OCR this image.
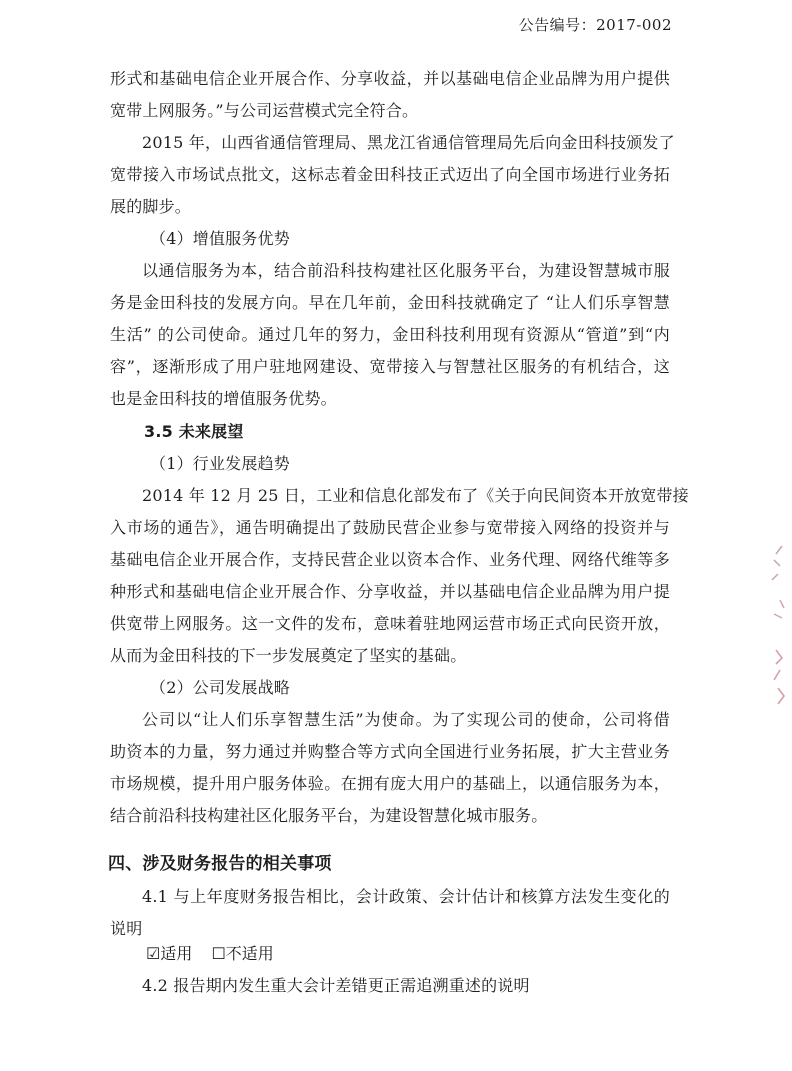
公告编号：2017-002
形式和基础电信企业开展合作、分享收益，并以基础电信企业品牌为用户提供
宽带上网服务。”与公司运营模式完全符合。
2015 年，山西省通信管理局、黑龙江省通信管理局先后向金田科技颁发了
宽带接入市场试点批文，这标志着金田科技正式迈出了向全国市场进行业务拓
展的脚步。
（4）增值服务优势
以通信服务为本，结合前沿科技构建社区化服务平台，为建设智慧城市服
务是金田科技的发展方向。早在几年前，金田科技就确定了 “让人们乐享智慧
生活” 的公司使命。通过几年的努力，金田科技利用现有资源从“管道”到“内
容”，逐渐形成了用户驻地网建设、宽带接入与智慧社区服务的有机结合，这
也是金田科技的增值服务优势。
3.5 未来展望
（1）行业发展趋势
2014 年 12 月 25 日，工业和信息化部发布了《关于向民间资本开放宽带接
入市场的通告》，通告明确提出了鼓励民营企业参与宽带接入网络的投资并与
基础电信企业开展合作，支持民营企业以资本合作、业务代理、网络代维等多
种形式和基础电信企业开展合作、分享收益，并以基础电信企业品牌为用户提
供宽带上网服务。这一文件的发布，意味着驻地网运营市场正式向民资开放，
从而为金田科技的下一步发展奠定了坚实的基础。
（2）公司发展战略
公司以“让人们乐享智慧生活”为使命。为了实现公司的使命，公司将借
助资本的力量，努力通过并购整合等方式向全国进行业务拓展，扩大主营业务
市场规模，提升用户服务体验。在拥有庞大用户的基础上，以通信服务为本，
结合前沿科技构建社区化服务平台，为建设智慧化城市服务。
四、涉及财务报告的相关事项
4.1 与上年度财务报告相比，会计政策、会计估计和核算方法发生变化的
说明
☑适用 ☐不适用
4.2 报告期内发生重大会计差错更正需追溯重述的说明
